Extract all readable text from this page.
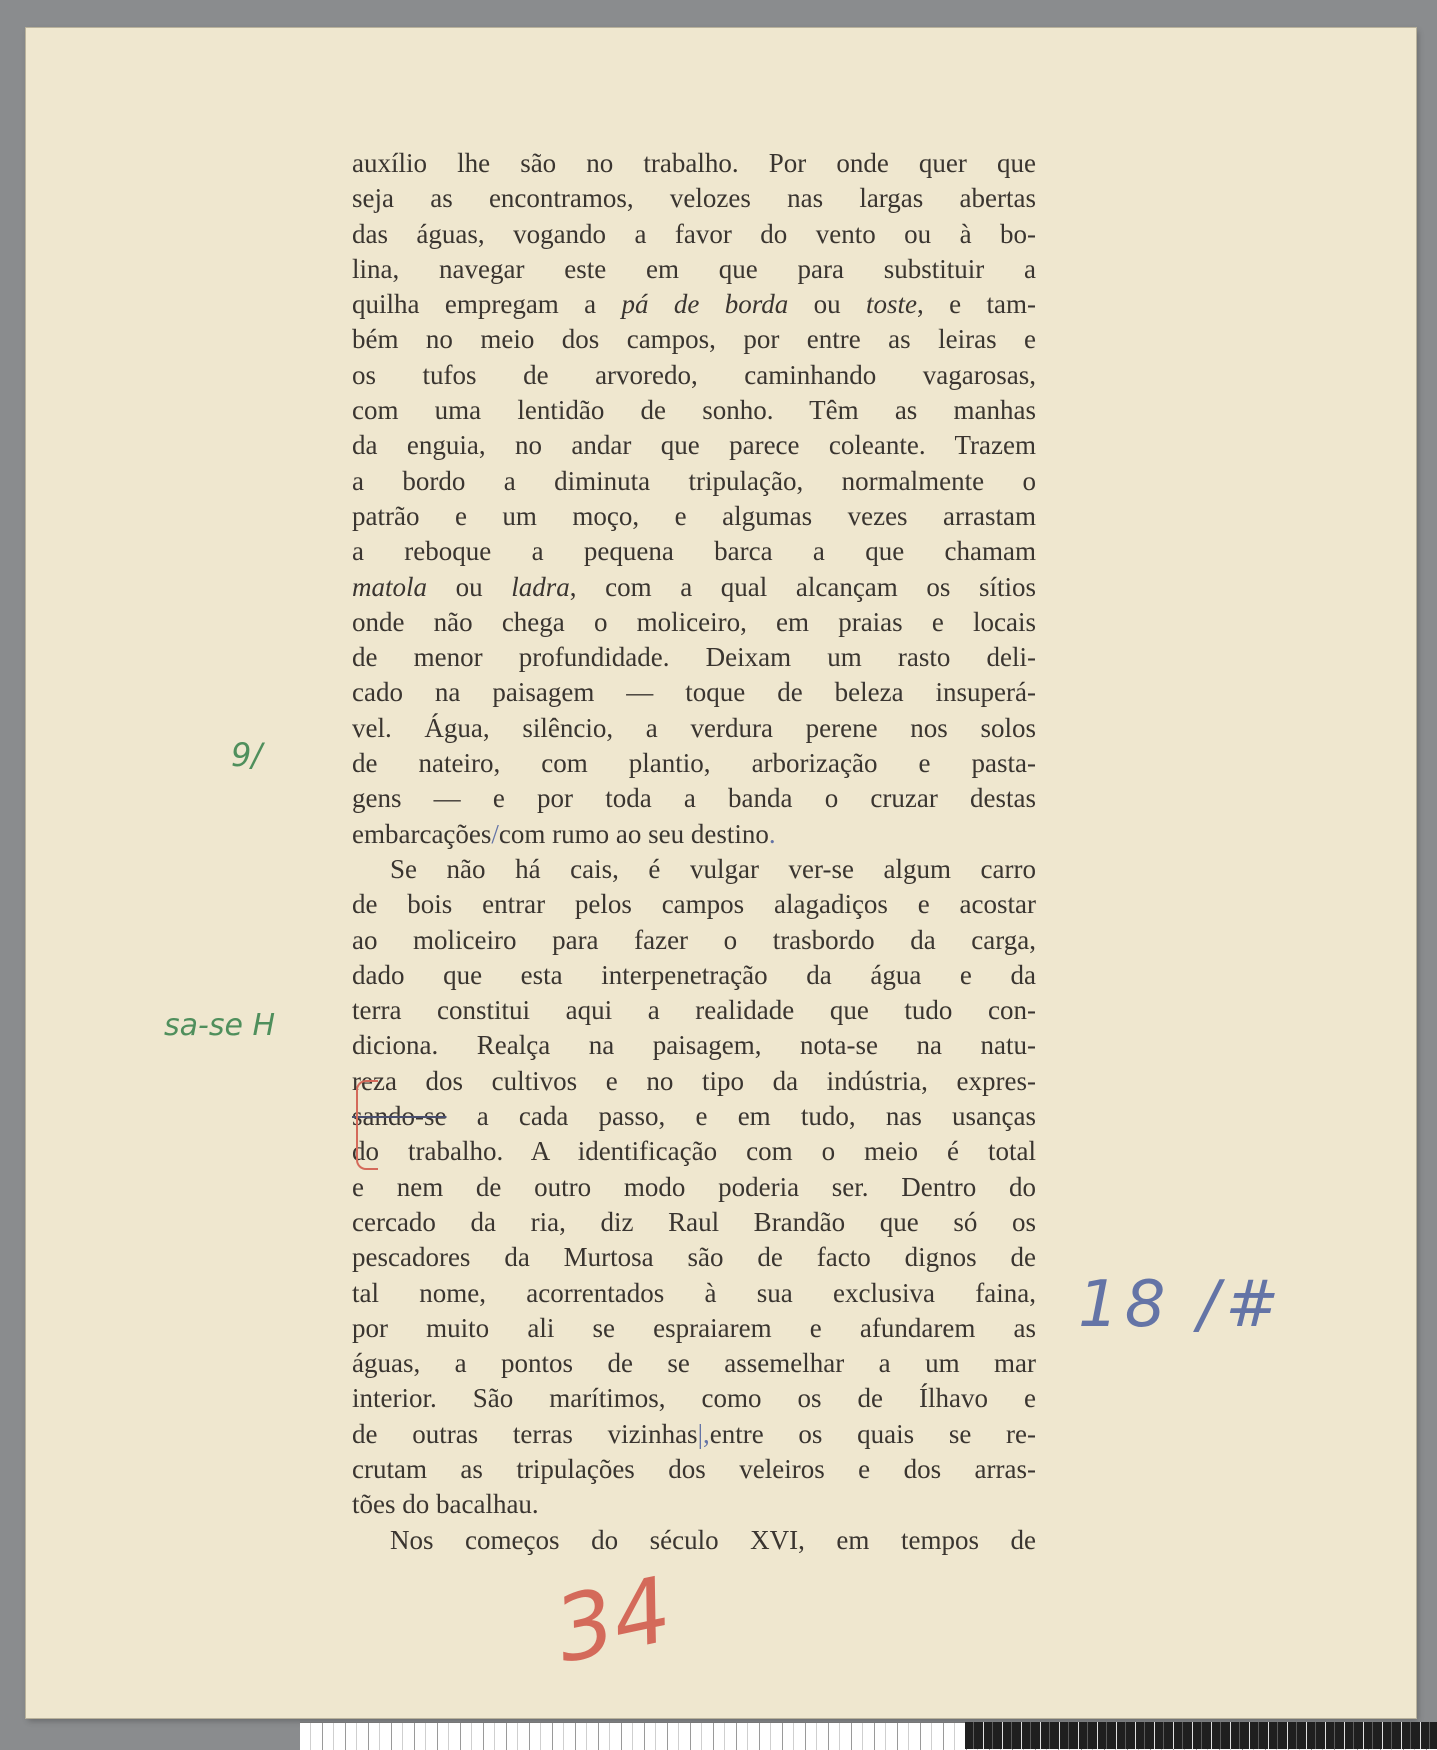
auxílio lhe são no trabalho. Por onde quer que
seja as encontramos, velozes nas largas abertas
das águas, vogando a favor do vento ou à bo-
lina, navegar este em que para substituir a
quilha empregam a pá de borda ou toste, e tam-
bém no meio dos campos, por entre as leiras e
os tufos de arvoredo, caminhando vagarosas,
com uma lentidão de sonho. Têm as manhas
da enguia, no andar que parece coleante. Trazem
a bordo a diminuta tripulação, normalmente o
patrão e um moço, e algumas vezes arrastam
a reboque a pequena barca a que chamam
matola ou ladra, com a qual alcançam os sítios
onde não chega o moliceiro, em praias e locais
de menor profundidade. Deixam um rasto deli-
cado na paisagem — toque de beleza insuperá-
vel. Água, silêncio, a verdura perene nos solos
de nateiro, com plantio, arborização e pasta-
gens — e por toda a banda o cruzar destas
embarcações/com rumo ao seu destino.
Se não há cais, é vulgar ver-se algum carro
de bois entrar pelos campos alagadiços e acostar
ao moliceiro para fazer o trasbordo da carga,
dado que esta interpenetração da água e da
terra constitui aqui a realidade que tudo con-
diciona. Realça na paisagem, nota-se na natu-
reza dos cultivos e no tipo da indústria, expres-
sando-se a cada passo, e em tudo, nas usanças
do trabalho. A identificação com o meio é total
e nem de outro modo poderia ser. Dentro do
cercado da ria, diz Raul Brandão que só os
pescadores da Murtosa são de facto dignos de
tal nome, acorrentados à sua exclusiva faina,
por muito ali se espraiarem e afundarem as
águas, a pontos de se assemelhar a um mar
interior. São marítimos, como os de Ílhavo e
de outras terras vizinhas|,entre os quais se re-
crutam as tripulações dos veleiros e dos arras-
tões do bacalhau.
Nos começos do século XVI, em tempos de
9/
sa-se H
18 /#
34
